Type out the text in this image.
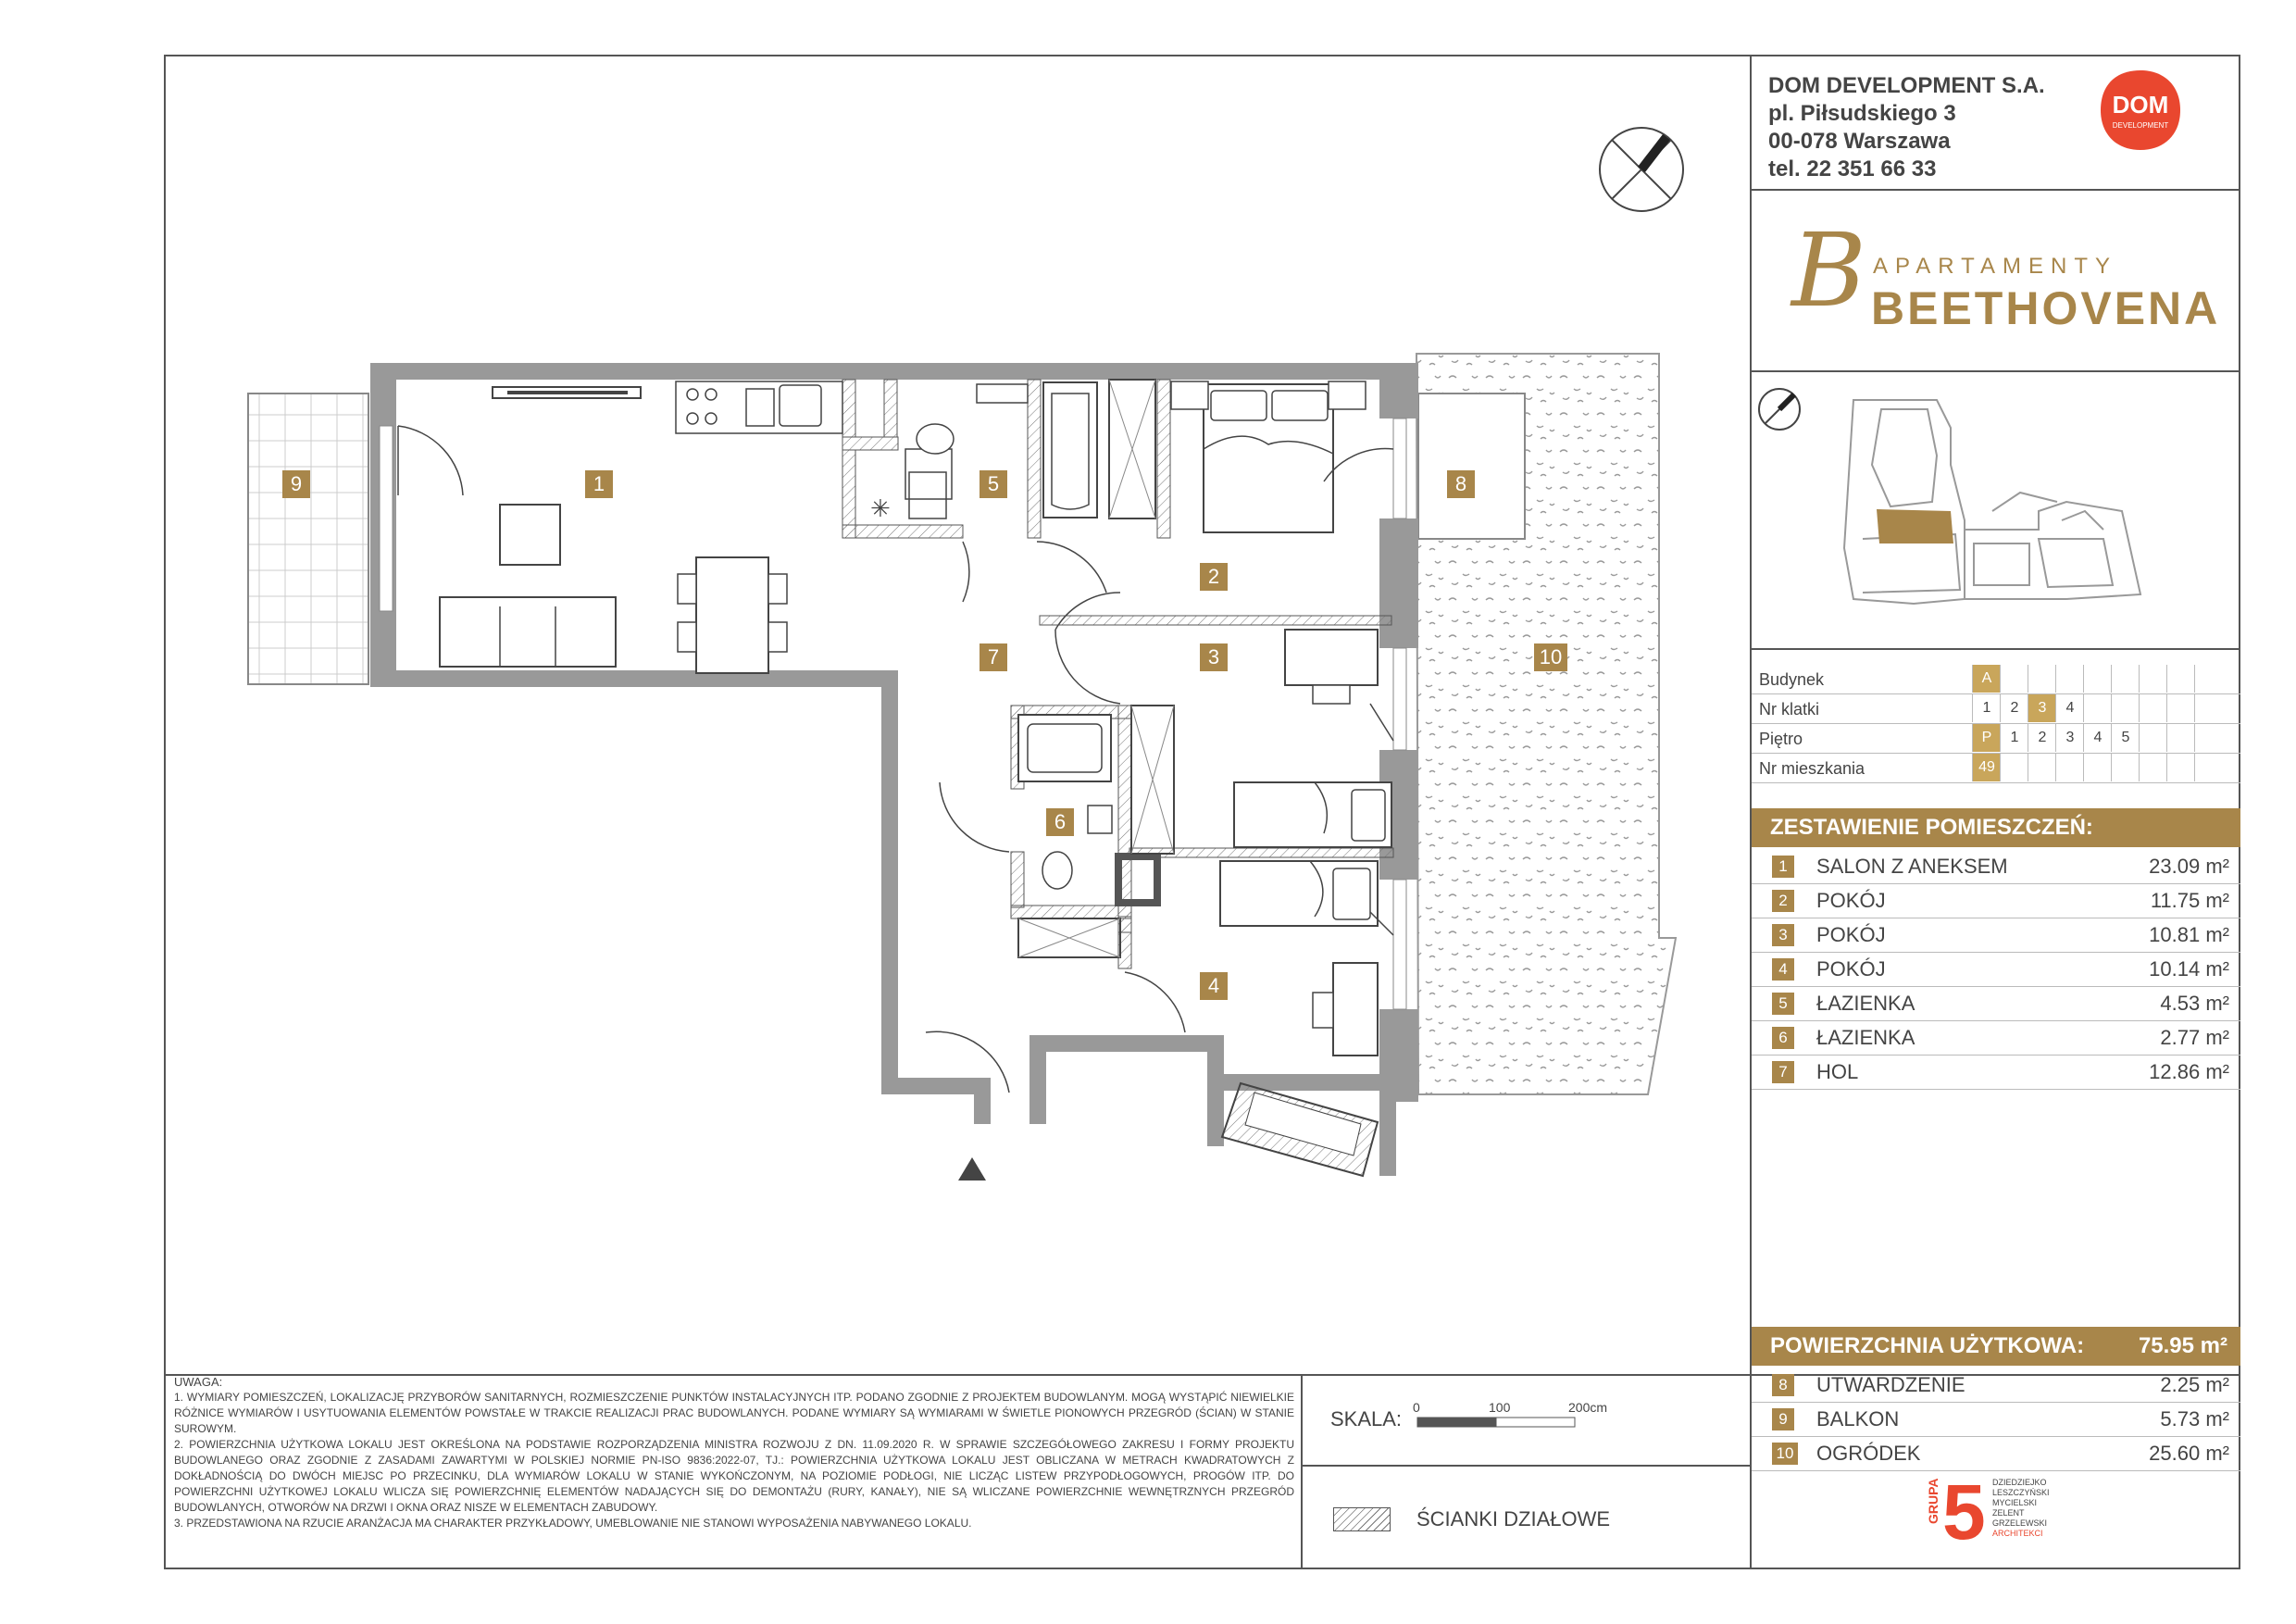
DOM DEVELOPMENT S.A.
pl. Piłsudskiego 3
00-078 Warszawa
tel. 22 351 66 33
DOM
DEVELOPMENT
B APARTAMENTY
BEETHOVENA
Budynek	A
Nr klatki	1	2	3	4
Piętro	P	1	2	3	4	5
Nr mieszkania	49
ZESTAWIENIE POMIESZCZEŃ:
1	SALON Z ANEKSEM	23.09 m²
2	POKÓJ	11.75 m²
3	POKÓJ	10.81 m²
4	POKÓJ	10.14 m²
5	ŁAZIENKA	4.53 m²
6	ŁAZIENKA	2.77 m²
7	HOL	12.86 m²
POWIERZCHNIA UŻYTKOWA: 75.95 m²
8	UTWARDZENIE	2.25 m²
9	BALKON	5.73 m²
10 OGRÓDEK	25.60 m²
UWAGA:
1. WYMIARY POMIESZCZEŃ, LOKALIZACJĘ PRZYBORÓW SANITARNYCH, ROZMIESZCZENIE PUNKTÓW INSTALACYJNYCH ITP. PODANO ZGODNIE Z PROJEKTEM BUDOWLANYM. MOGĄ WYSTĄPIĆ NIEWIELKIE RÓŻNICE WYMIARÓW I USYTUOWANIA ELEMENTÓW POWSTAŁE W TRAKCIE REALIZACJI PRAC BUDOWLANYCH. PODANE WYMIARY SĄ WYMIARAMI W ŚWIETLE PIONOWYCH PRZEGRÓD (ŚCIAN) W STANIE SUROWYM.
2. POWIERZCHNIA UŻYTKOWA LOKALU JEST OKREŚLONA NA PODSTAWIE ROZPORZĄDZENIA MINISTRA ROZWOJU Z DN. 11.09.2020 R. W SPRAWIE SZCZEGÓŁOWEGO ZAKRESU I FORMY PROJEKTU BUDOWLANEGO ORAZ ZGODNIE Z ZASADAMI ZAWARTYMI W POLSKIEJ NORMIE PN-ISO 9836:2022-07, TJ.: POWIERZCHNIA UŻYTKOWA LOKALU JEST OBLICZANA W METRACH KWADRATOWYCH Z DOKŁADNOŚCIĄ DO DWÓCH MIEJSC PO PRZECINKU, DLA WYMIARÓW LOKALU W STANIE WYKOŃCZONYM, NA POZIOMIE PODŁOGI, NIE LICZĄC LISTEW PRZYPODŁOGOWYCH, PROGÓW ITP. DO POWIERZCHNI UŻYTKOWEJ LOKALU WLICZA SIĘ POWIERZCHNIĘ ELEMENTÓW NADAJĄCYCH SIĘ DO DEMONTAŻU (RURY, KANAŁY), NIE SĄ WLICZANE POWIERZCHNIE WEWNĘTRZNYCH PRZEGRÓD BUDOWLANYCH, OTWORÓW NA DRZWI I OKNA ORAZ NISZE W ELEMENTACH ZABUDOWY.
3. PRZEDSTAWIONA NA RZUCIE ARANŻACJA MA CHARAKTER PRZYKŁADOWY, UMEBLOWANIE NIE STANOWI WYPOSAŻENIA NABYWANEGO LOKALU.
SKALA: 0	100	200cm
ŚCIANKI DZIAŁOWE	GRUPA 5 DZIEDZIEJKO
LESZCZYŃSKI
MYCIELSKI
ZELENT
GRZELEWSKI
ARCHITEKCI
✳
9	1	5
2
8
7	3	10
6
4
